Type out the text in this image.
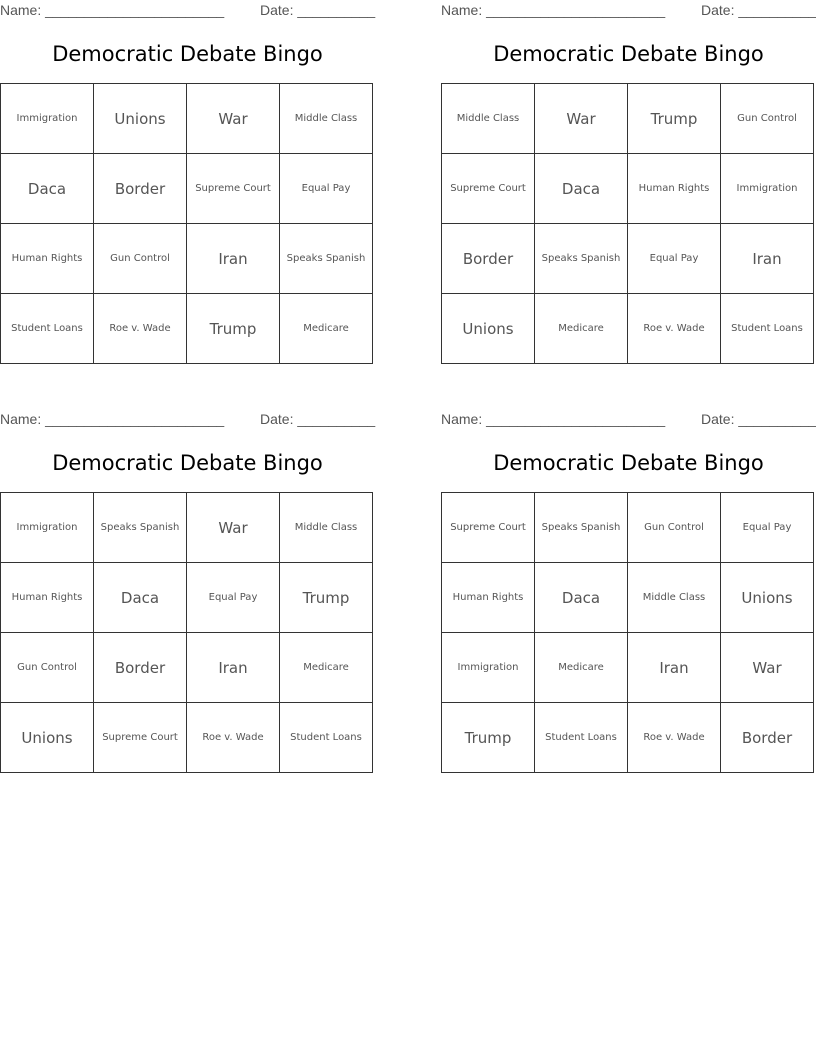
Name: _______________________	Date: __________
Democratic Debate Bingo
Immigration	Unions	War	Middle Class
Daca	Border	Supreme Court	Equal Pay
Human Rights	Gun Control	Iran	Speaks Spanish
Student Loans	Roe v. Wade	Trump	Medicare
Name: _______________________	Date: __________
Democratic Debate Bingo
Middle Class	War	Trump	Gun Control
Supreme Court	Daca	Human Rights	Immigration
Border	Speaks Spanish	Equal Pay	Iran
Unions	Medicare	Roe v. Wade	Student Loans
Name: _______________________	Date: __________
Democratic Debate Bingo
Immigration	Speaks Spanish	War	Middle Class
Human Rights	Daca	Equal Pay	Trump
Gun Control	Border	Iran	Medicare
Unions	Supreme Court	Roe v. Wade	Student Loans
Name: _______________________	Date: __________
Democratic Debate Bingo
Supreme Court	Speaks Spanish	Gun Control	Equal Pay
Human Rights	Daca	Middle Class	Unions
Immigration	Medicare	Iran	War
Trump	Student Loans	Roe v. Wade	Border
